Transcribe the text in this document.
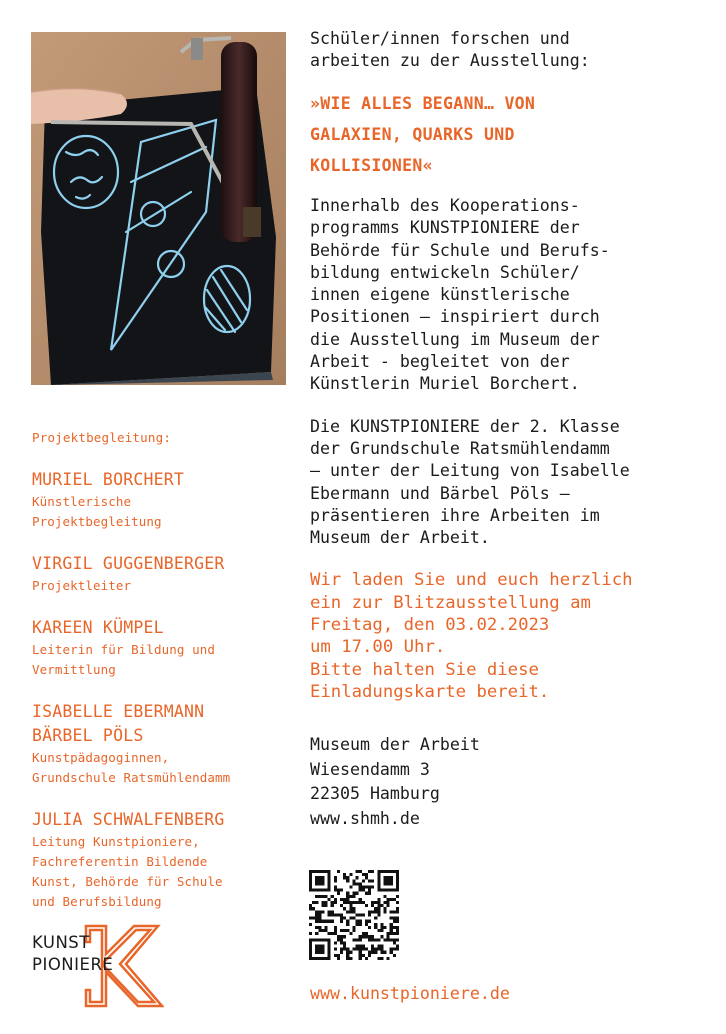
Projektbegleitung:
MURIEL BORCHERT
Künstlerische
Projektbegleitung
VIRGIL GUGGENBERGER
Projektleiter
KAREEN KÜMPEL
Leiterin für Bildung und
Vermittlung
ISABELLE EBERMANN
BÄRBEL PÖLS
Kunstpädagoginnen,
Grundschule Ratsmühlendamm
JULIA SCHWALFENBERG
Leitung Kunstpioniere,
Fachreferentin Bildende
Kunst, Behörde für Schule
und Berufsbildung
KUNST
PIONIERE
Schüler/innen forschen und
arbeiten zu der Ausstellung:
»WIE ALLES BEGANN… VON
GALAXIEN, QUARKS UND
KOLLISIONEN«
Innerhalb des Kooperations-
programms KUNSTPIONIERE der
Behörde für Schule und Berufs-
bildung entwickeln Schüler/
innen eigene künstlerische
Positionen – inspiriert durch
die Ausstellung im Museum der
Arbeit - begleitet von der
Künstlerin Muriel Borchert.
Die KUNSTPIONIERE der 2. Klasse
der Grundschule Ratsmühlendamm
– unter der Leitung von Isabelle
Ebermann und Bärbel Pöls –
präsentieren ihre Arbeiten im
Museum der Arbeit.
Wir laden Sie und euch herzlich
ein zur Blitzausstellung am
Freitag, den 03.02.2023
um 17.00 Uhr.
Bitte halten Sie diese
Einladungskarte bereit.
Museum der Arbeit
Wiesendamm 3
22305 Hamburg
www.shmh.de
www.kunstpioniere.de
